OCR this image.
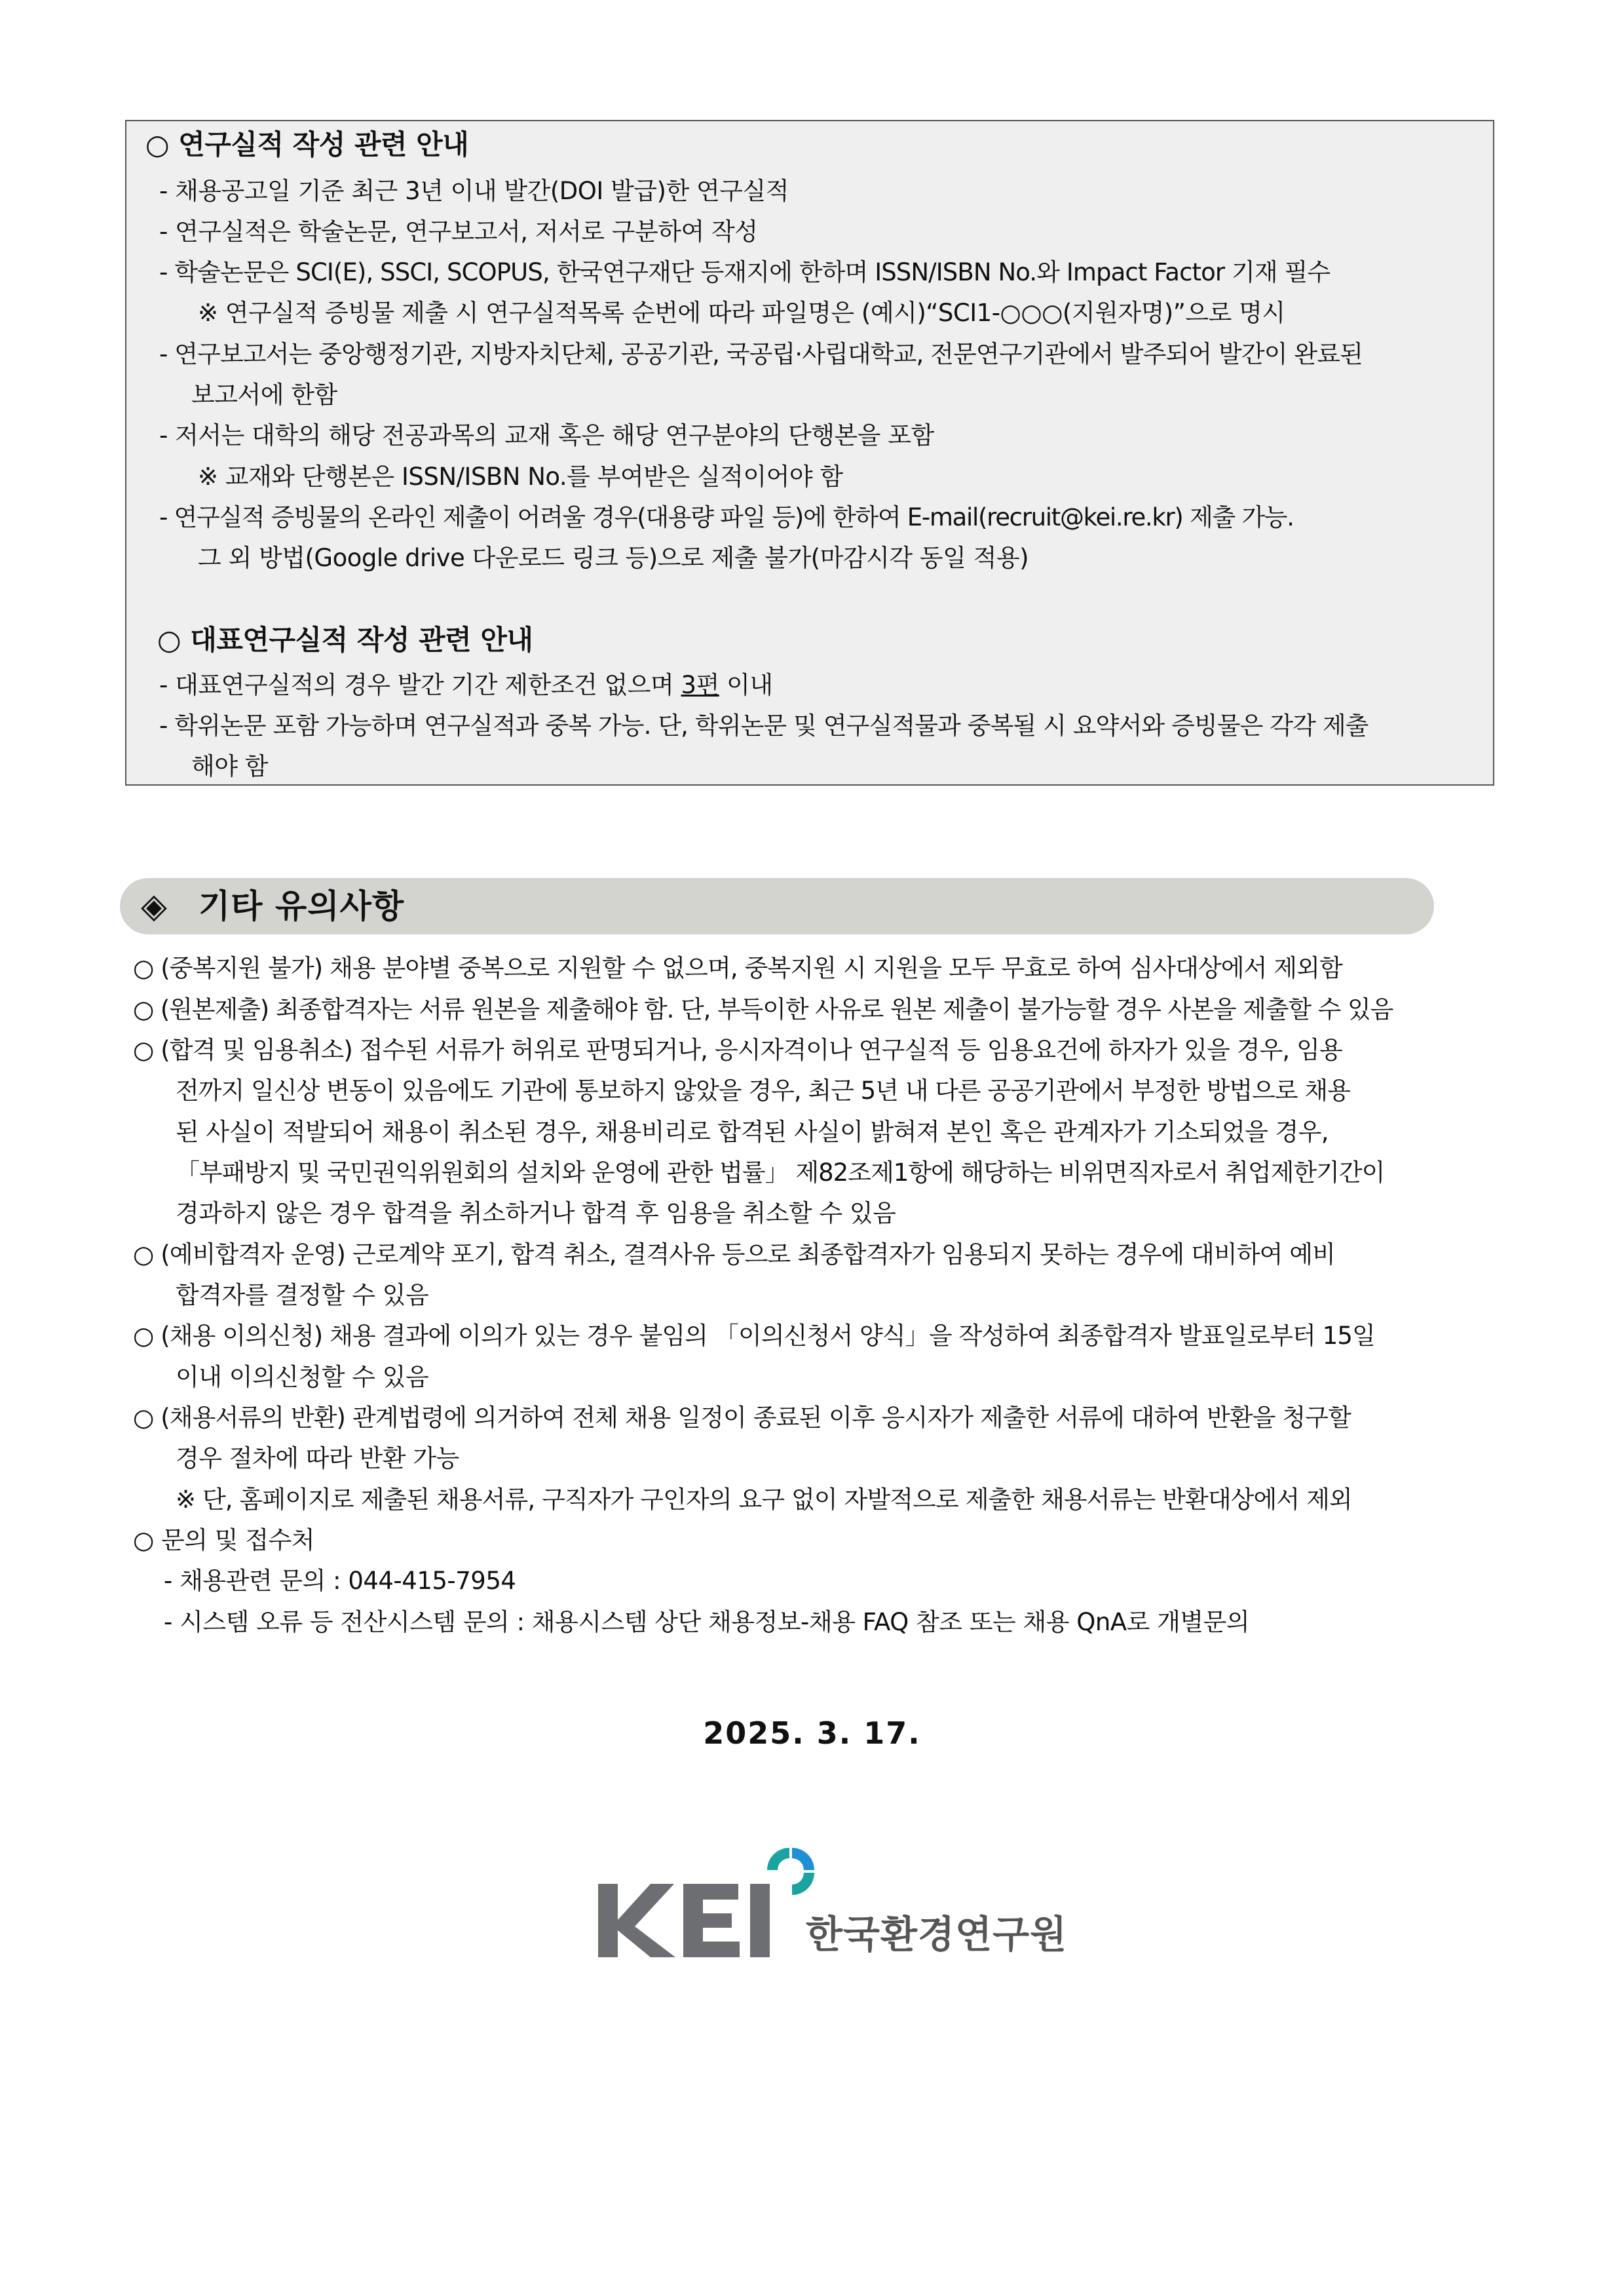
○ 연구실적 작성 관련 안내
- 채용공고일 기준 최근 3년 이내 발간(DOI 발급)한 연구실적
- 연구실적은 학술논문, 연구보고서, 저서로 구분하여 작성
- 학술논문은 SCI(E), SSCI, SCOPUS, 한국연구재단 등재지에 한하며 ISSN/ISBN No.와 Impact Factor 기재 필수
※ 연구실적 증빙물 제출 시 연구실적목록 순번에 따라 파일명은 (예시)“SCI1-○○○(지원자명)”으로 명시
- 연구보고서는 중앙행정기관, 지방자치단체, 공공기관, 국공립·사립대학교, 전문연구기관에서 발주되어 발간이 완료된
보고서에 한함
- 저서는 대학의 해당 전공과목의 교재 혹은 해당 연구분야의 단행본을 포함
※ 교재와 단행본은 ISSN/ISBN No.를 부여받은 실적이어야 함
- 연구실적 증빙물의 온라인 제출이 어려울 경우(대용량 파일 등)에 한하여 E-mail(recruit@kei.re.kr) 제출 가능.
그 외 방법(Google drive 다운로드 링크 등)으로 제출 불가(마감시각 동일 적용)
○ 대표연구실적 작성 관련 안내
- 대표연구실적의 경우 발간 기간 제한조건 없으며 3편 이내
- 학위논문 포함 가능하며 연구실적과 중복 가능. 단, 학위논문 및 연구실적물과 중복될 시 요약서와 증빙물은 각각 제출
해야 함
◈ 기타 유의사항
○ (중복지원 불가) 채용 분야별 중복으로 지원할 수 없으며, 중복지원 시 지원을 모두 무효로 하여 심사대상에서 제외함
○ (원본제출) 최종합격자는 서류 원본을 제출해야 함. 단, 부득이한 사유로 원본 제출이 불가능할 경우 사본을 제출할 수 있음
○ (합격 및 임용취소) 접수된 서류가 허위로 판명되거나, 응시자격이나 연구실적 등 임용요건에 하자가 있을 경우, 임용
전까지 일신상 변동이 있음에도 기관에 통보하지 않았을 경우, 최근 5년 내 다른 공공기관에서 부정한 방법으로 채용
된 사실이 적발되어 채용이 취소된 경우, 채용비리로 합격된 사실이 밝혀져 본인 혹은 관계자가 기소되었을 경우,
「부패방지 및 국민권익위원회의 설치와 운영에 관한 법률」 제82조제1항에 해당하는 비위면직자로서 취업제한기간이
경과하지 않은 경우 합격을 취소하거나 합격 후 임용을 취소할 수 있음
○ (예비합격자 운영) 근로계약 포기, 합격 취소, 결격사유 등으로 최종합격자가 임용되지 못하는 경우에 대비하여 예비
합격자를 결정할 수 있음
○ (채용 이의신청) 채용 결과에 이의가 있는 경우 붙임의 「이의신청서 양식」을 작성하여 최종합격자 발표일로부터 15일
이내 이의신청할 수 있음
○ (채용서류의 반환) 관계법령에 의거하여 전체 채용 일정이 종료된 이후 응시자가 제출한 서류에 대하여 반환을 청구할
경우 절차에 따라 반환 가능
※ 단, 홈페이지로 제출된 채용서류, 구직자가 구인자의 요구 없이 자발적으로 제출한 채용서류는 반환대상에서 제외
○ 문의 및 접수처
- 채용관련 문의 : 044-415-7954
- 시스템 오류 등 전산시스템 문의 : 채용시스템 상단 채용정보-채용 FAQ 참조 또는 채용 QnA로 개별문의
2025. 3. 17.
한국환경연구원
